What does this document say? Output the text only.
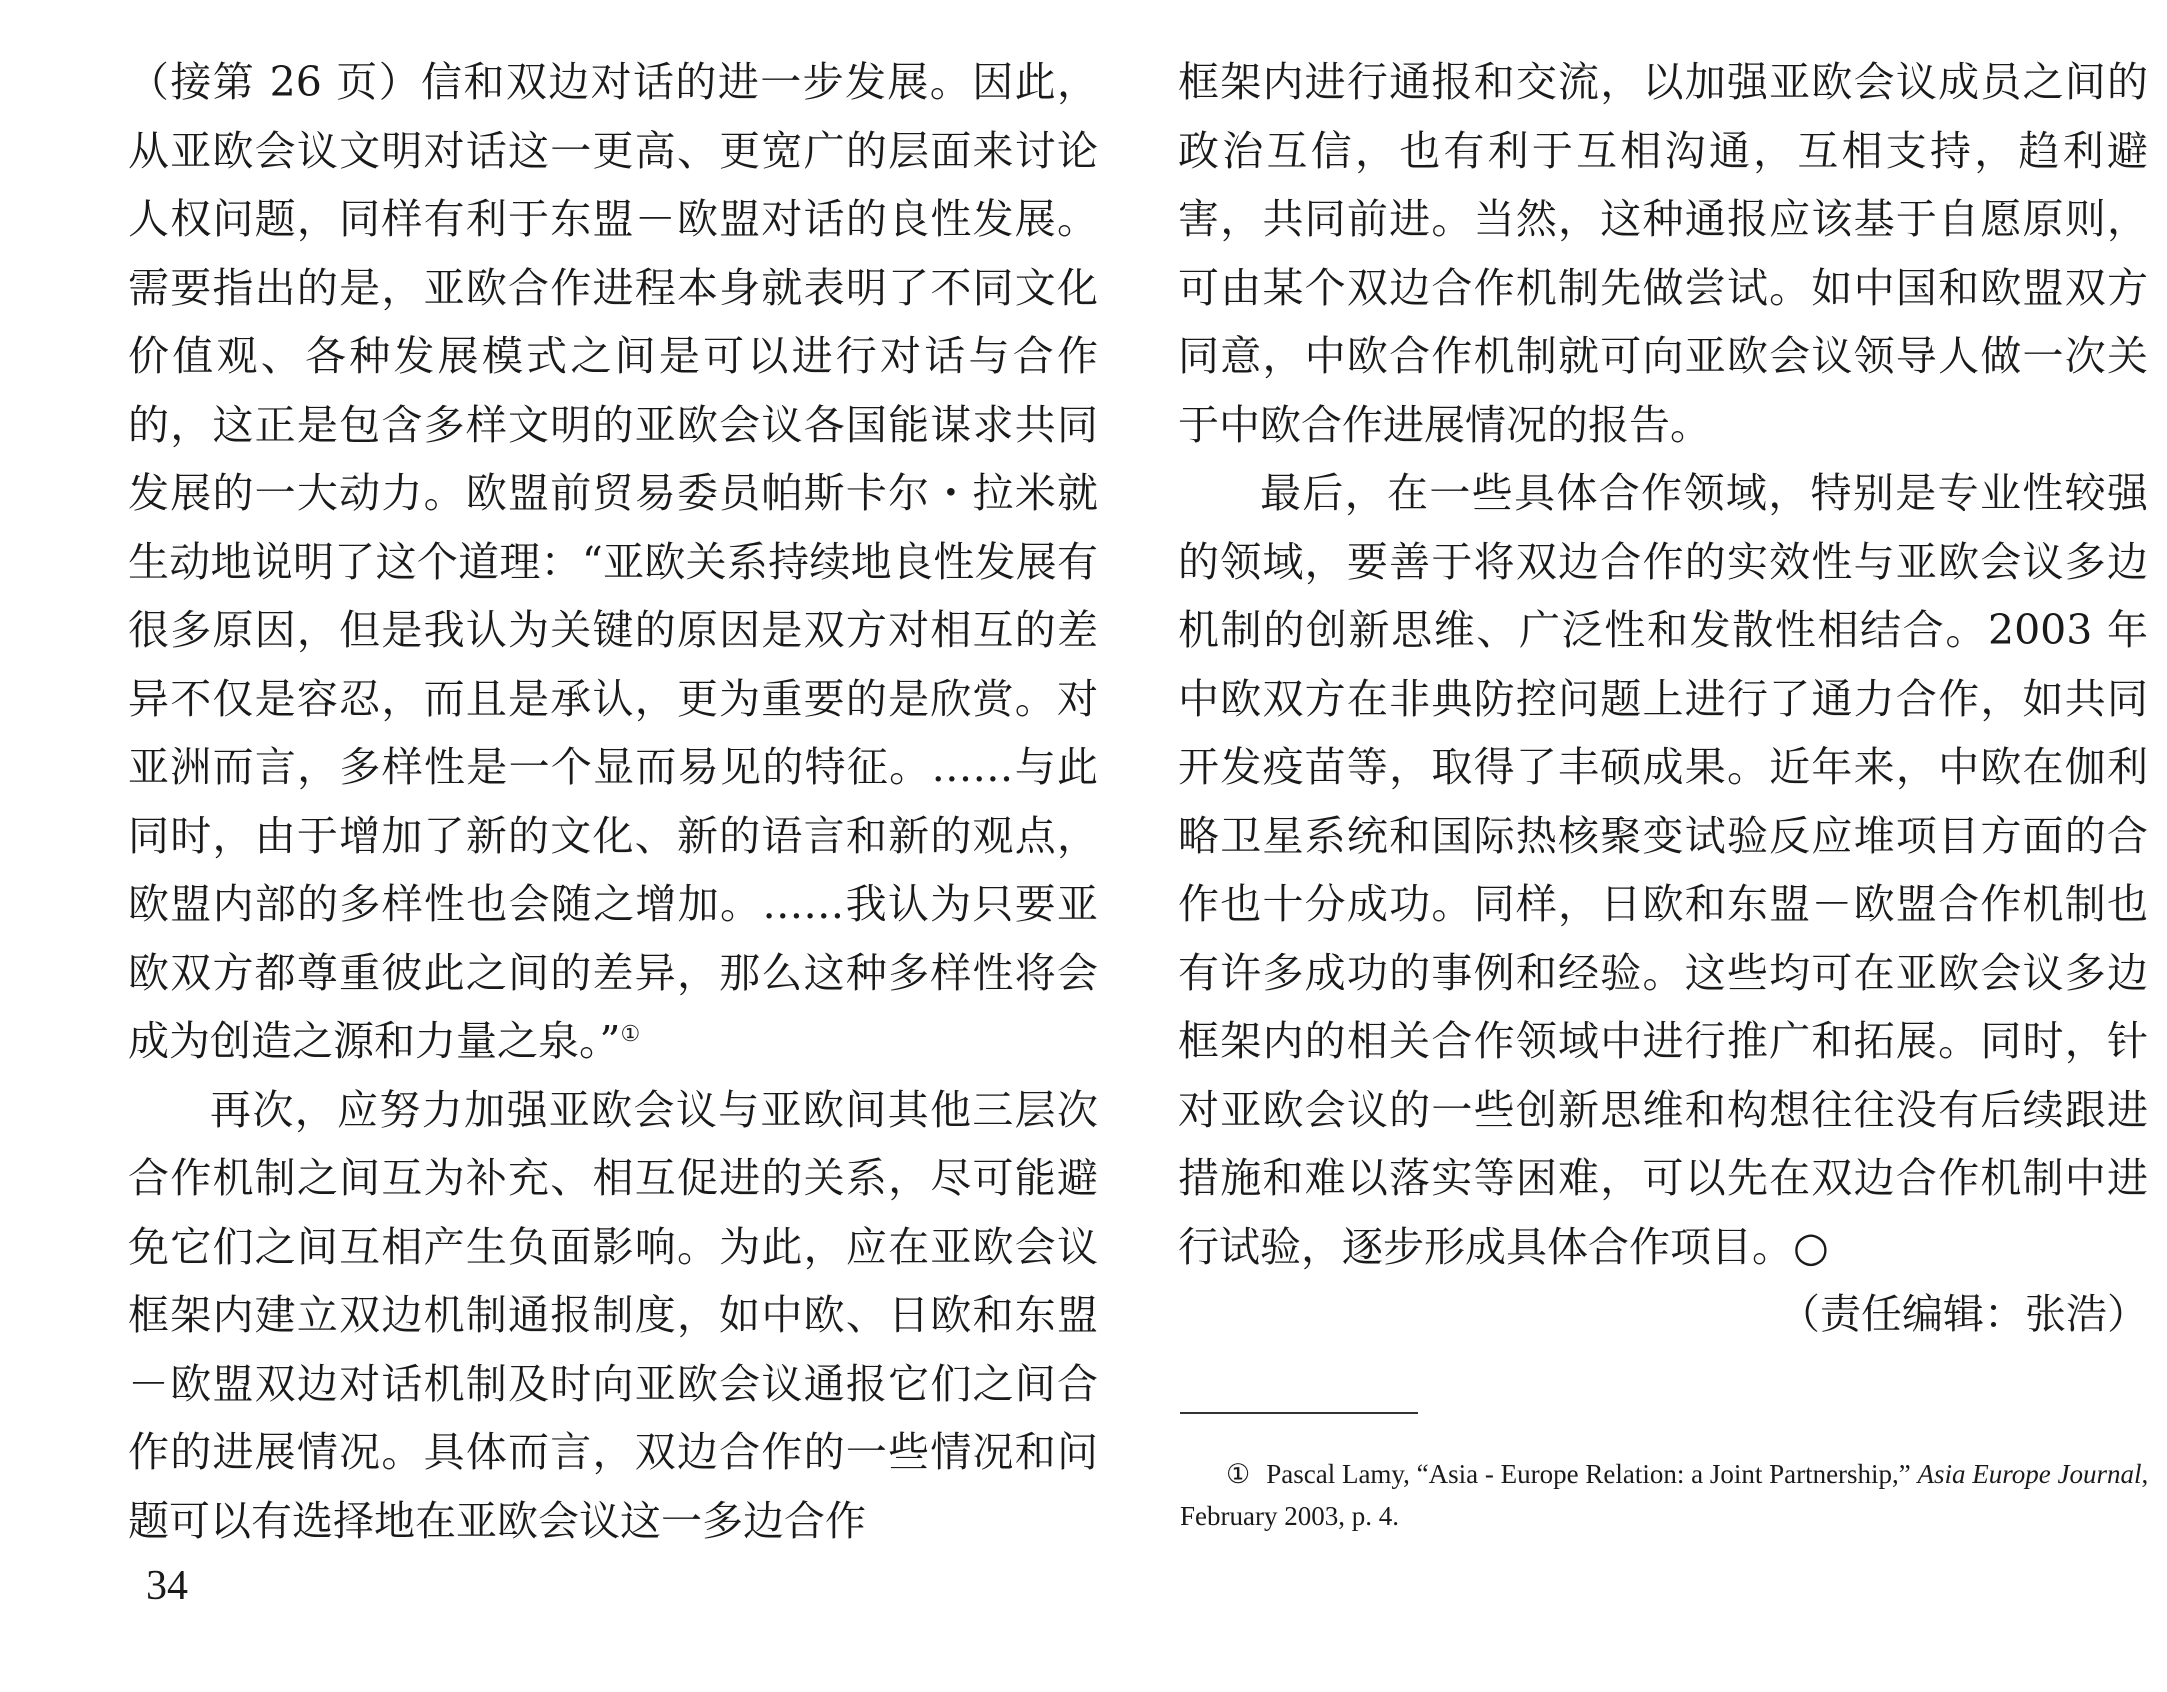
（接第 26 页）信和双边对话的进一步发展。因此，从亚欧会议文明对话这一更高、更宽广的层面来讨论人权问题，同样有利于东盟－欧盟对话的良性发展。需要指出的是，亚欧合作进程本身就表明了不同文化价值观、各种发展模式之间是可以进行对话与合作的，这正是包含多样文明的亚欧会议各国能谋求共同发展的一大动力。欧盟前贸易委员帕斯卡尔・拉米就生动地说明了这个道理：“亚欧关系持续地良性发展有很多原因，但是我认为关键的原因是双方对相互的差异不仅是容忍，而且是承认，更为重要的是欣赏。对亚洲而言，多样性是一个显而易见的特征。……与此同时，由于增加了新的文化、新的语言和新的观点，欧盟内部的多样性也会随之增加。……我认为只要亚欧双方都尊重彼此之间的差异，那么这种多样性将会成为创造之源和力量之泉。”①

再次，应努力加强亚欧会议与亚欧间其他三层次合作机制之间互为补充、相互促进的关系，尽可能避免它们之间互相产生负面影响。为此，应在亚欧会议框架内建立双边机制通报制度，如中欧、日欧和东盟－欧盟双边对话机制及时向亚欧会议通报它们之间合作的进展情况。具体而言，双边合作的一些情况和问题可以有选择地在亚欧会议这一多边合作

框架内进行通报和交流，以加强亚欧会议成员之间的政治互信，也有利于互相沟通，互相支持，趋利避害，共同前进。当然，这种通报应该基于自愿原则，可由某个双边合作机制先做尝试。如中国和欧盟双方同意，中欧合作机制就可向亚欧会议领导人做一次关于中欧合作进展情况的报告。

最后，在一些具体合作领域，特别是专业性较强的领域，要善于将双边合作的实效性与亚欧会议多边机制的创新思维、广泛性和发散性相结合。2003 年中欧双方在非典防控问题上进行了通力合作，如共同开发疫苗等，取得了丰硕成果。近年来，中欧在伽利略卫星系统和国际热核聚变试验反应堆项目方面的合作也十分成功。同样，日欧和东盟－欧盟合作机制也有许多成功的事例和经验。这些均可在亚欧会议多边框架内的相关合作领域中进行推广和拓展。同时，针对亚欧会议的一些创新思维和构想往往没有后续跟进措施和难以落实等困难，可以先在双边合作机制中进行试验，逐步形成具体合作项目。○

（责任编辑：张浩）
① Pascal Lamy, “Asia - Europe Relation: a Joint Partnership,” Asia Europe Journal, February 2003, p. 4.
34
